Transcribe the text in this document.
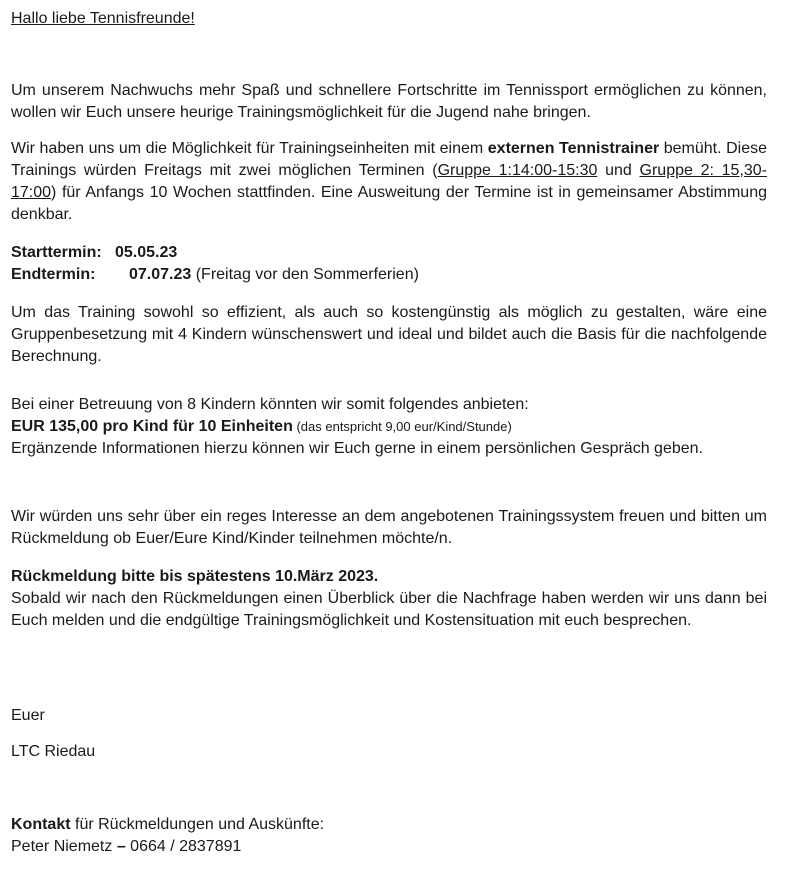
Hallo liebe Tennisfreunde!

Um unserem Nachwuchs mehr Spaß und schnellere Fortschritte im Tennissport ermöglichen zu können, wollen wir Euch unsere heurige Trainingsmöglichkeit für die Jugend nahe bringen.

Wir haben uns um die Möglichkeit für Trainingseinheiten mit einem externen Tennistrainer bemüht. Diese Trainings würden Freitags mit zwei möglichen Terminen (Gruppe 1:14:00-15:30 und Gruppe 2: 15,30-17:00) für Anfangs 10 Wochen stattfinden. Eine Ausweitung der Termine ist in gemeinsamer Abstimmung denkbar.

Starttermin: 05.05.23
Endtermin: 07.07.23 (Freitag vor den Sommerferien)

Um das Training sowohl so effizient, als auch so kostengünstig als möglich zu gestalten, wäre eine Gruppenbesetzung mit 4 Kindern wünschenswert und ideal und bildet auch die Basis für die nachfolgende Berechnung.

Bei einer Betreuung von 8 Kindern könnten wir somit folgendes anbieten:
EUR 135,00 pro Kind für 10 Einheiten (das entspricht 9,00 eur/Kind/Stunde)
Ergänzende Informationen hierzu können wir Euch gerne in einem persönlichen Gespräch geben.

Wir würden uns sehr über ein reges Interesse an dem angebotenen Trainingssystem freuen und bitten um Rückmeldung ob Euer/Eure Kind/Kinder teilnehmen möchte/n.

Rückmeldung bitte bis spätestens 10.März 2023.
Sobald wir nach den Rückmeldungen einen Überblick über die Nachfrage haben werden wir uns dann bei Euch melden und die endgültige Trainingsmöglichkeit und Kostensituation mit euch besprechen.

Euer

LTC Riedau

Kontakt für Rückmeldungen und Auskünfte:
Peter Niemetz – 0664 / 2837891
